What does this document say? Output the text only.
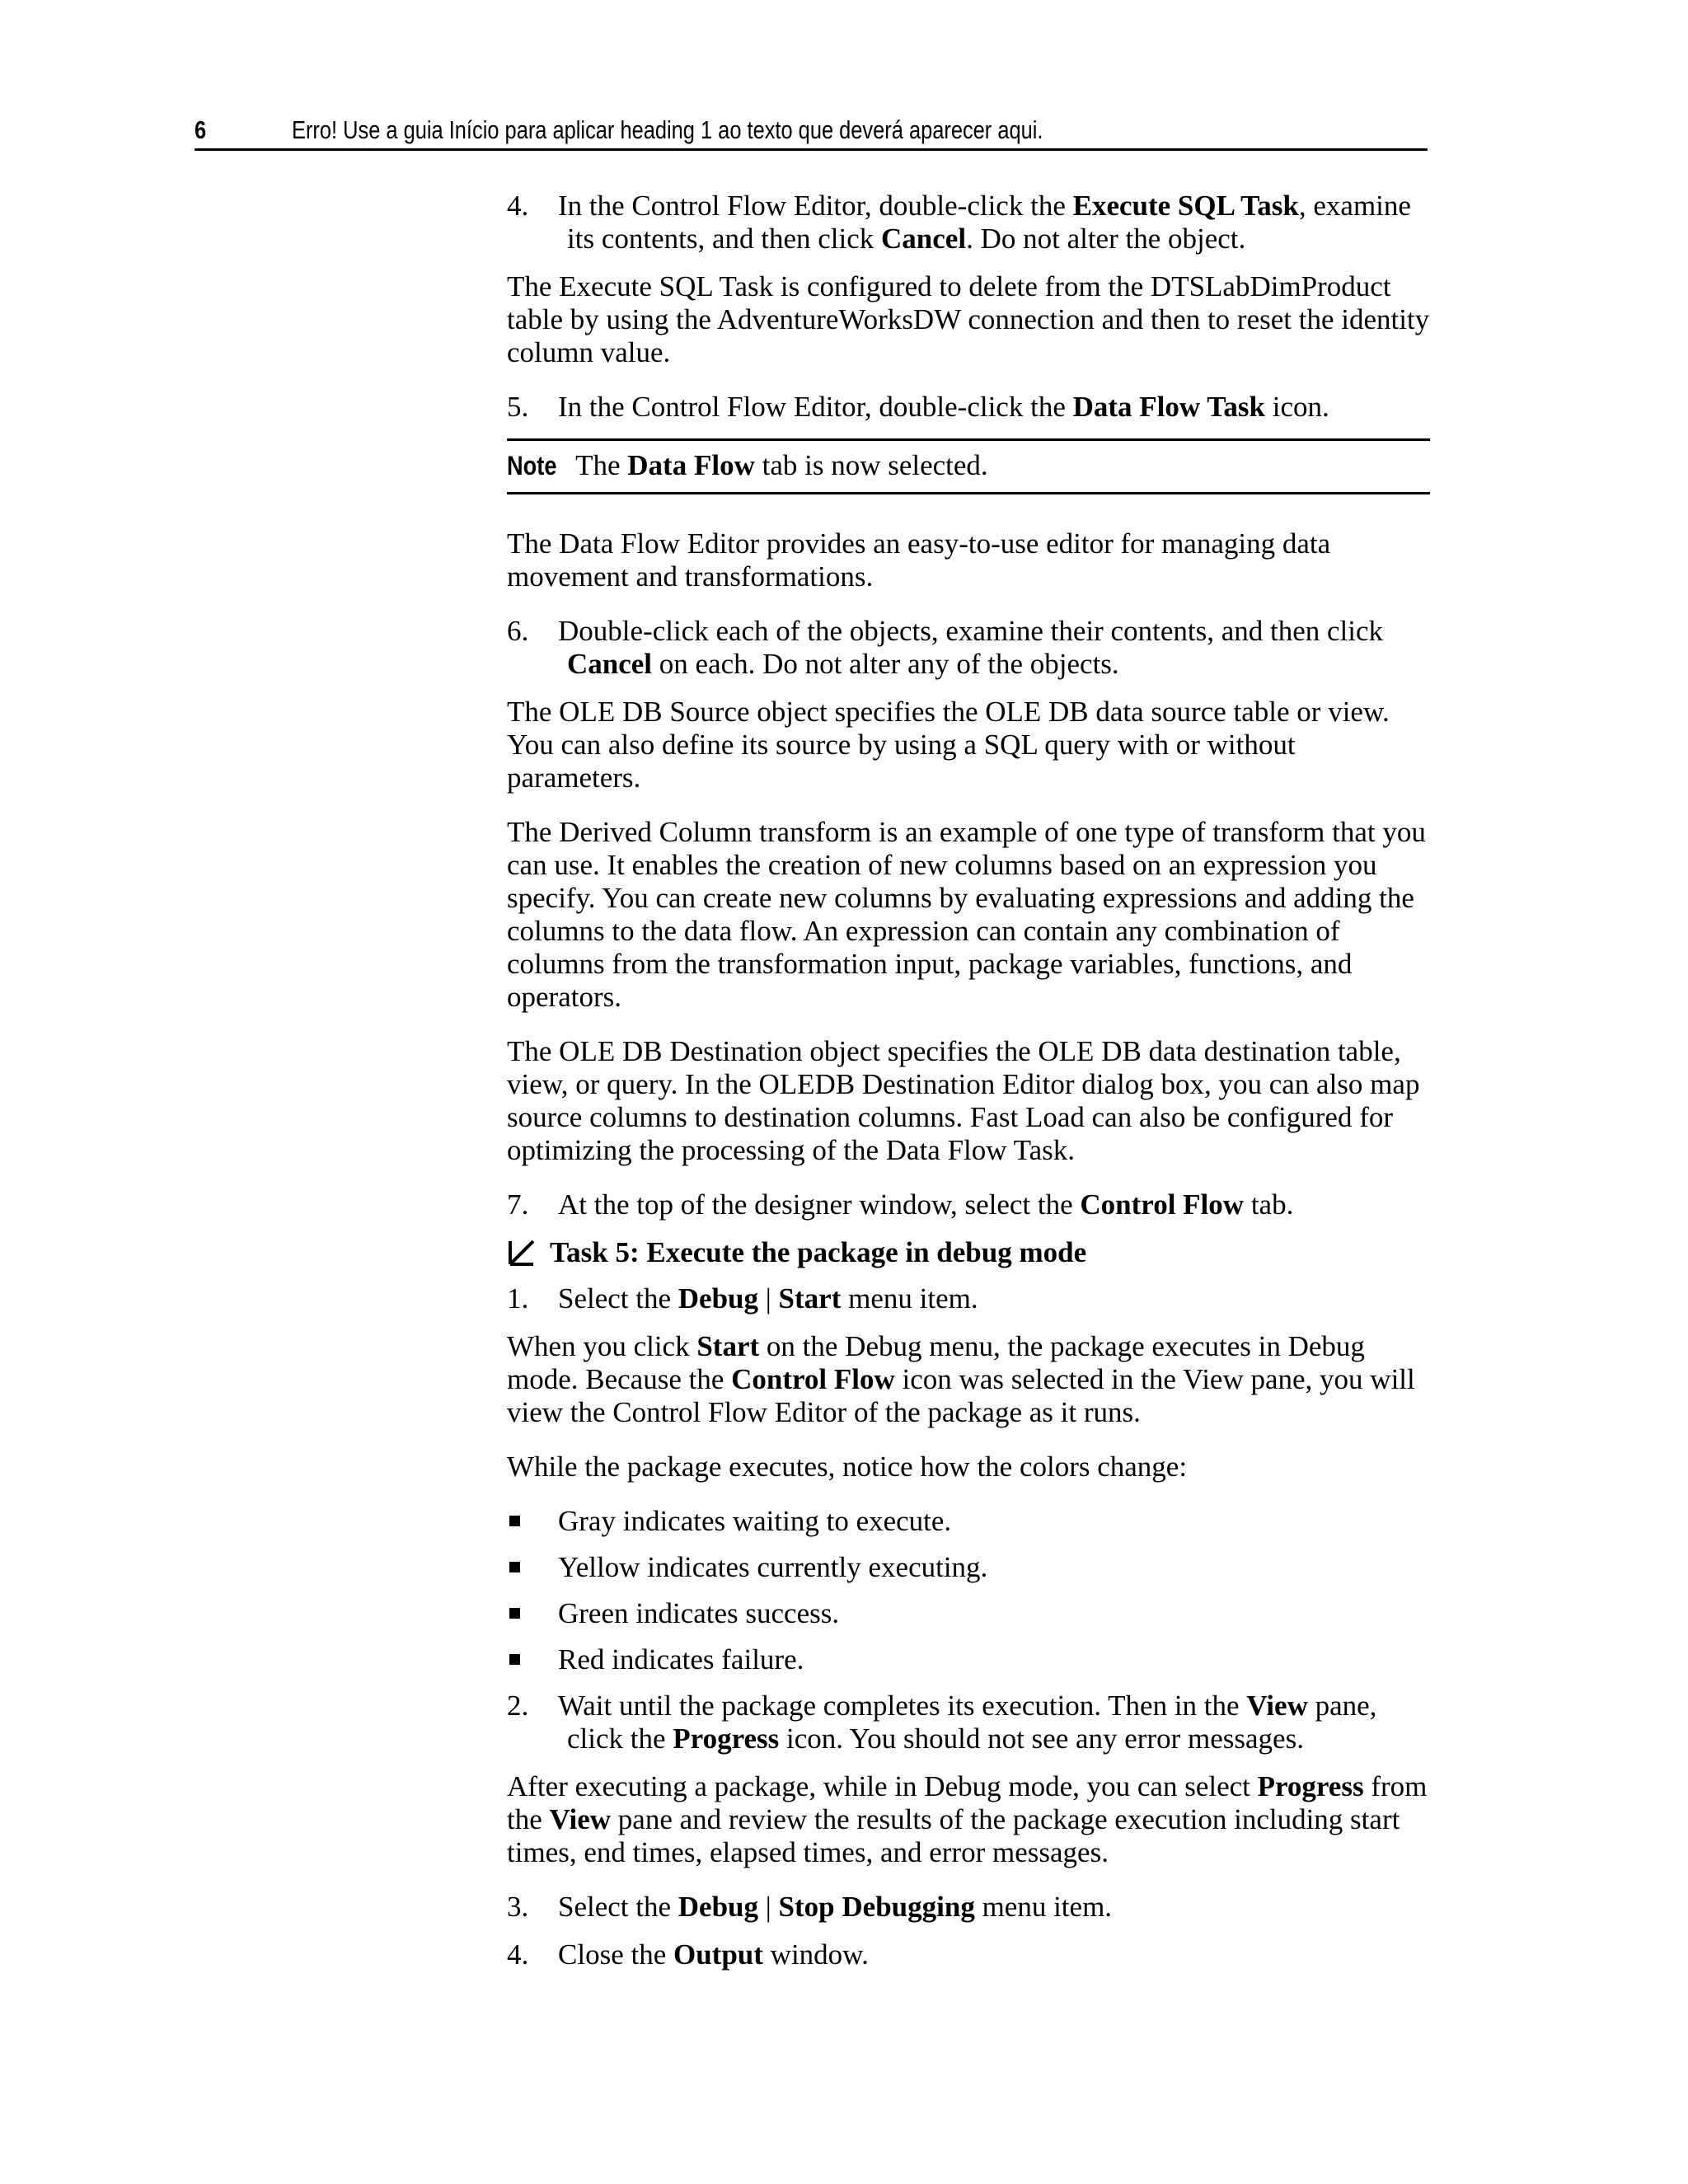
6	Erro! Use a guia Início para aplicar heading 1 ao texto que deverá aparecer aqui.

4. In the Control Flow Editor, double-click the Execute SQL Task, examine
its contents, and then click Cancel. Do not alter the object.

The Execute SQL Task is configured to delete from the DTSLabDimProduct table by using the AdventureWorksDW connection and then to reset the identity column value.

5. In the Control Flow Editor, double-click the Data Flow Task icon.

Note The Data Flow tab is now selected.

The Data Flow Editor provides an easy-to-use editor for managing data movement and transformations.

6. Double-click each of the objects, examine their contents, and then click
Cancel on each. Do not alter any of the objects.

The OLE DB Source object specifies the OLE DB data source table or view. You can also define its source by using a SQL query with or without parameters.

The Derived Column transform is an example of one type of transform that you can use. It enables the creation of new columns based on an expression you specify. You can create new columns by evaluating expressions and adding the columns to the data flow. An expression can contain any combination of columns from the transformation input, package variables, functions, and operators.

The OLE DB Destination object specifies the OLE DB data destination table, view, or query. In the OLEDB Destination Editor dialog box, you can also map source columns to destination columns. Fast Load can also be configured for optimizing the processing of the Data Flow Task.

7. At the top of the designer window, select the Control Flow tab.

Task 5: Execute the package in debug mode

1. Select the Debug | Start menu item.

When you click Start on the Debug menu, the package executes in Debug mode. Because the Control Flow icon was selected in the View pane, you will view the Control Flow Editor of the package as it runs.

While the package executes, notice how the colors change:

Gray indicates waiting to execute.

Yellow indicates currently executing.

Green indicates success.

Red indicates failure.

2. Wait until the package completes its execution. Then in the View pane,
click the Progress icon. You should not see any error messages.

After executing a package, while in Debug mode, you can select Progress from the View pane and review the results of the package execution including start times, end times, elapsed times, and error messages.

3. Select the Debug | Stop Debugging menu item.

4. Close the Output window.
